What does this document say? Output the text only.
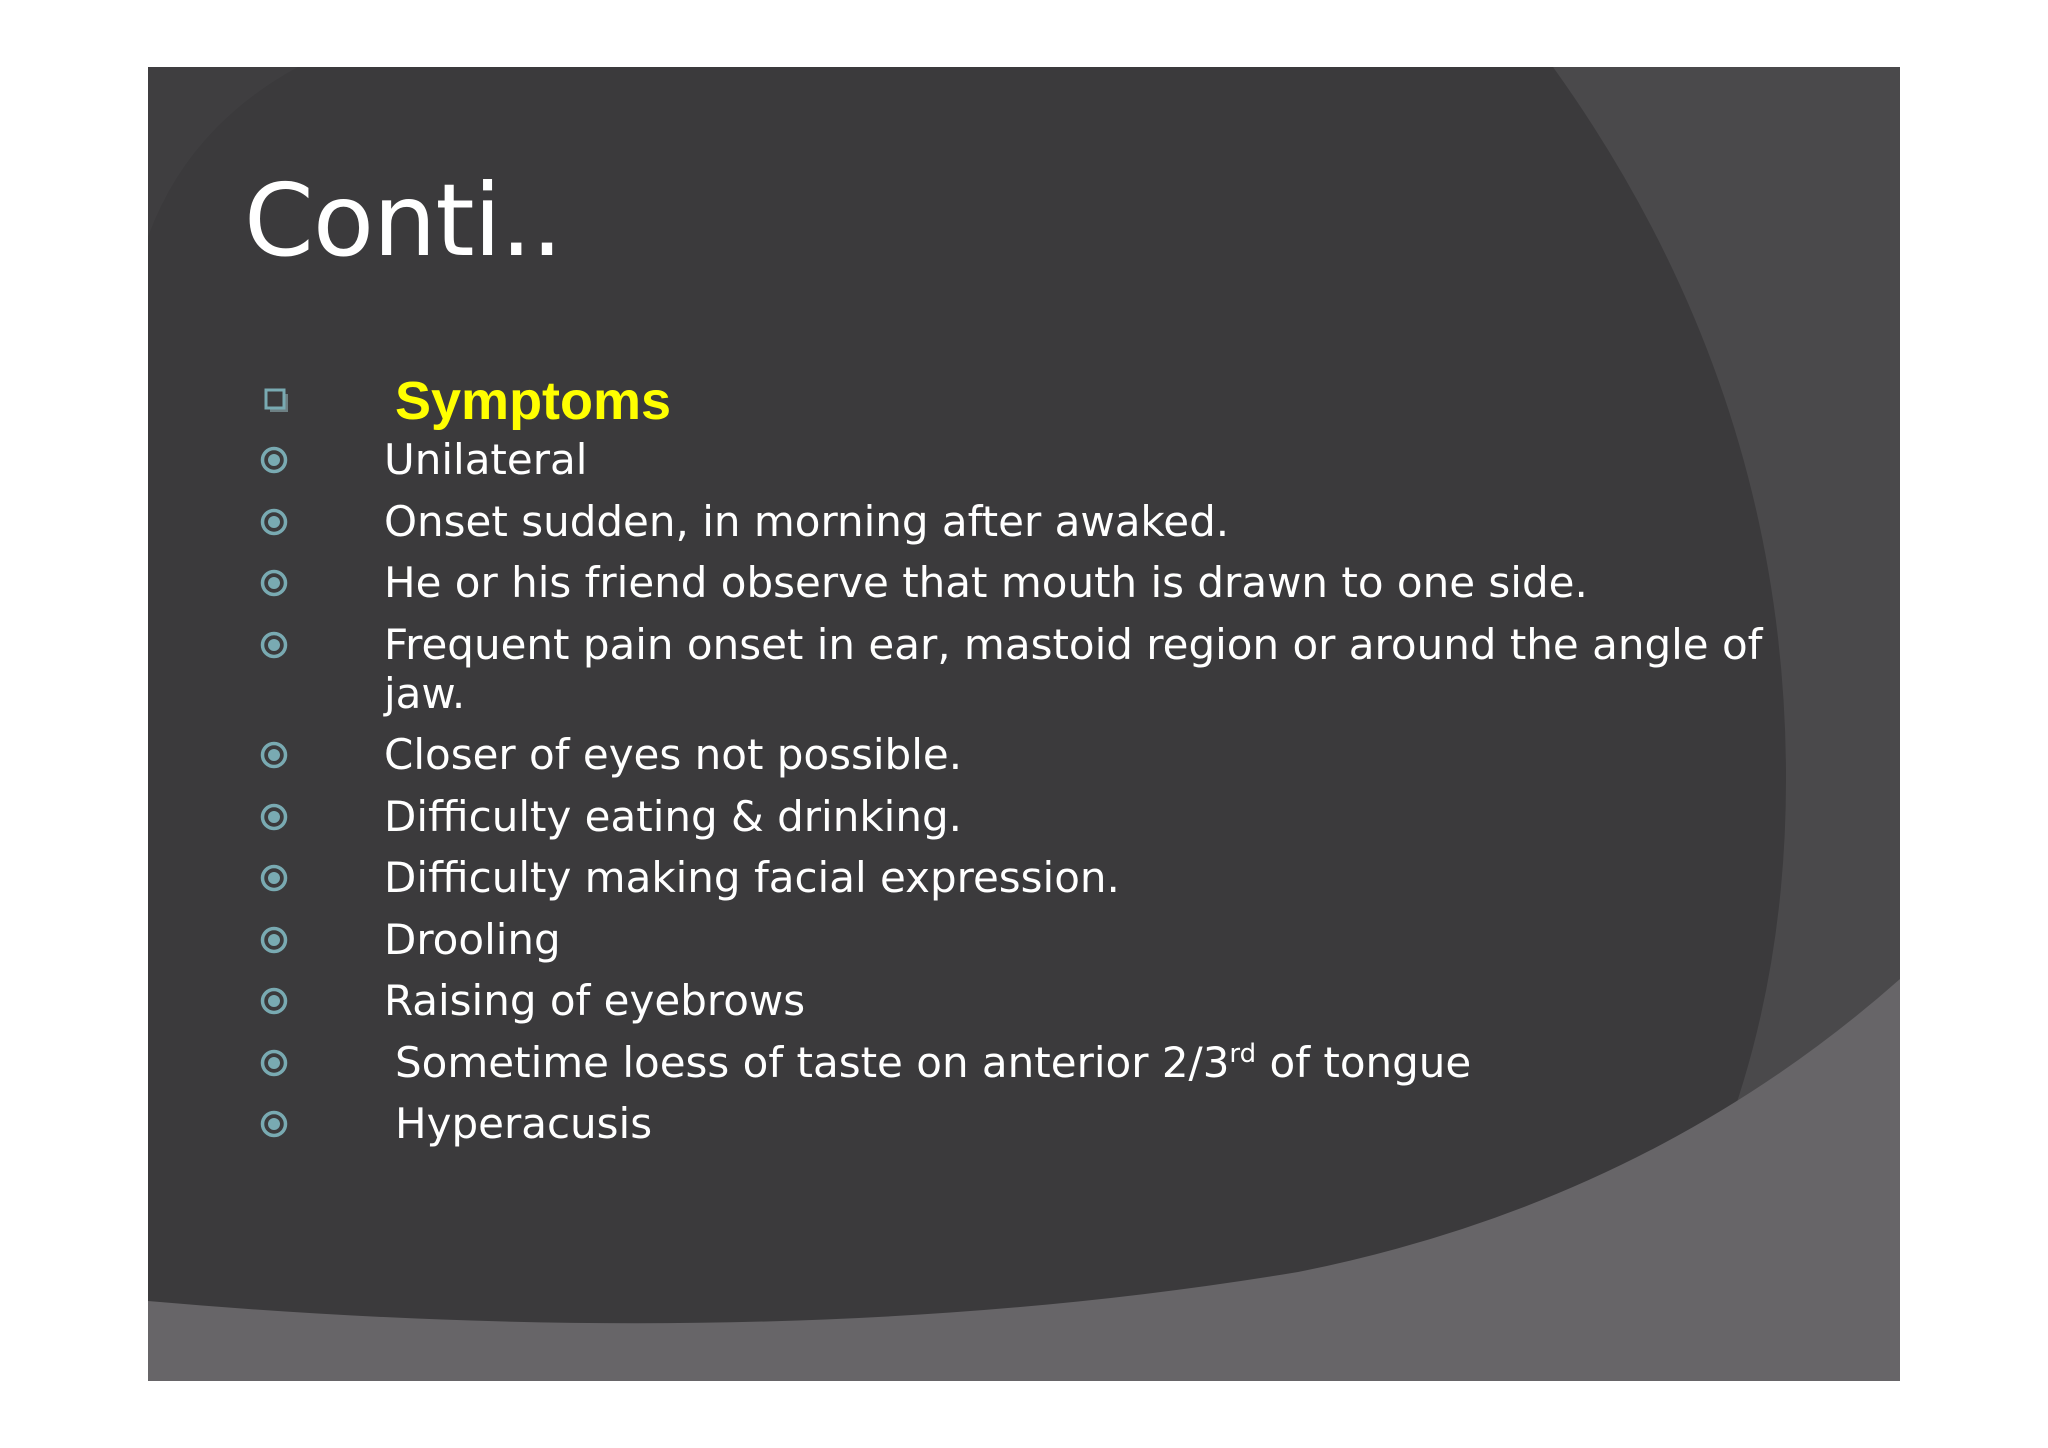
Conti..
Symptoms
Unilateral
Onset sudden, in morning after awaked.
He or his friend observe that mouth is drawn to one side.
Frequent pain onset in ear, mastoid region or around the angle of jaw.
Closer of eyes not possible.
Difficulty eating & drinking.
Difficulty making facial expression.
Drooling
Raising of eyebrows
Sometime loess of taste on anterior 2/3rd of tongue
Hyperacusis
